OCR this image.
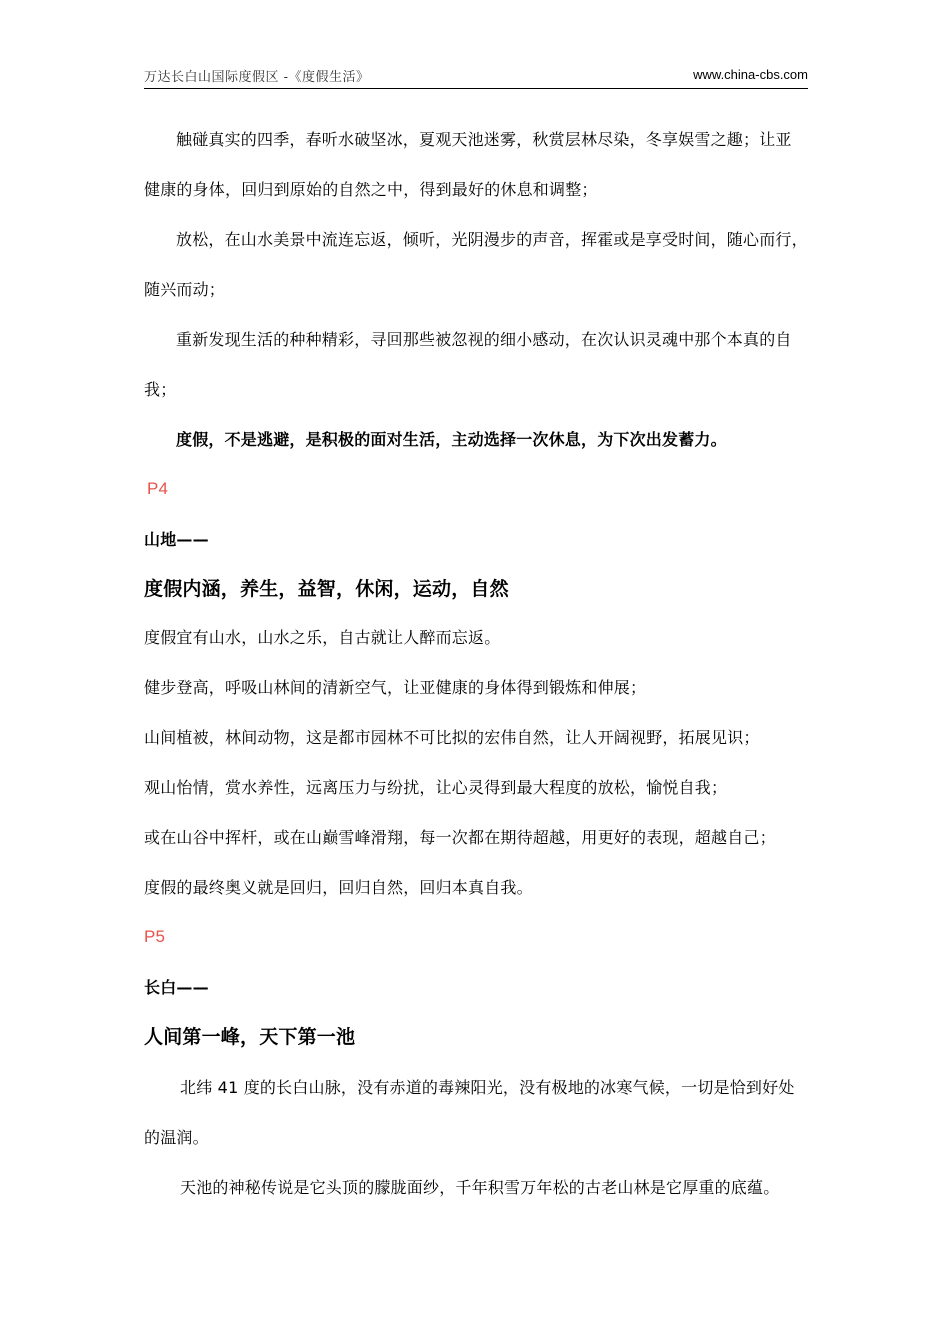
万达长白山国际度假区 -《度假生活》	www.china-cbs.com
触碰真实的四季，春听水破坚冰，夏观天池迷雾，秋赏层林尽染，冬享娱雪之趣；让亚
健康的身体，回归到原始的自然之中，得到最好的休息和调整；
放松，在山水美景中流连忘返，倾听，光阴漫步的声音，挥霍或是享受时间，随心而行，
随兴而动；
重新发现生活的种种精彩，寻回那些被忽视的细小感动，在次认识灵魂中那个本真的自
我；
度假，不是逃避，是积极的面对生活，主动选择一次休息，为下次出发蓄力。
P4
山地——
度假内涵，养生，益智，休闲，运动，自然
度假宜有山水，山水之乐，自古就让人醉而忘返。
健步登高，呼吸山林间的清新空气，让亚健康的身体得到锻炼和伸展；
山间植被，林间动物，这是都市园林不可比拟的宏伟自然，让人开阔视野，拓展见识；
观山怡情，赏水养性，远离压力与纷扰，让心灵得到最大程度的放松，愉悦自我；
或在山谷中挥杆，或在山巅雪峰滑翔，每一次都在期待超越，用更好的表现，超越自己；
度假的最终奥义就是回归，回归自然，回归本真自我。
P5
长白——
人间第一峰，天下第一池
北纬 41 度的长白山脉，没有赤道的毒辣阳光，没有极地的冰寒气候，一切是恰到好处
的温润。
天池的神秘传说是它头顶的朦胧面纱，千年积雪万年松的古老山林是它厚重的底蕴。
